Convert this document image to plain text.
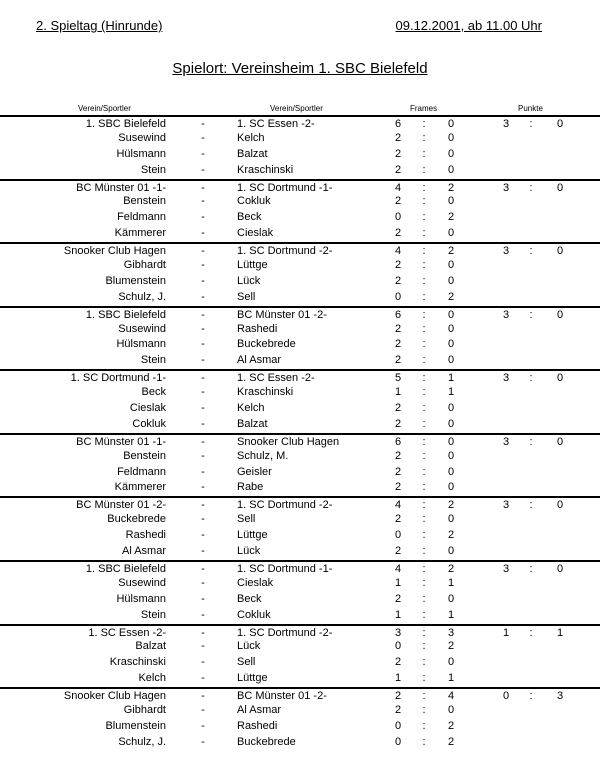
2. Spieltag (Hinrunde)	09.12.2001, ab 11.00 Uhr
Spielort: Vereinsheim 1. SBC Bielefeld
Verein/Sportler	Verein/Sportler	Frames	Punkte
1. SBC Bielefeld	-	1. SC Essen -2-	6	:	0	3	:	0
Susewind	-	Kelch	2	:	0
Hülsmann	-	Balzat	2	:	0
Stein	-	Kraschinski	2	:	0
BC Münster 01 -1-	-	1. SC Dortmund -1-	4	:	2	3	:	0
Benstein	-	Cokluk	2	:	0
Feldmann	-	Beck	0	:	2
Kämmerer	-	Cieslak	2	:	0
Snooker Club Hagen	-	1. SC Dortmund -2-	4	:	2	3	:	0
Gibhardt	-	Lüttge	2	:	0
Blumenstein	-	Lück	2	:	0
Schulz, J.	-	Sell	0	:	2
1. SBC Bielefeld	-	BC Münster 01 -2-	6	:	0	3	:	0
Susewind	-	Rashedi	2	:	0
Hülsmann	-	Buckebrede	2	:	0
Stein	-	Al Asmar	2	:	0
1. SC Dortmund -1-	-	1. SC Essen -2-	5	:	1	3	:	0
Beck	-	Kraschinski	1	:	1
Cieslak	-	Kelch	2	:	0
Cokluk	-	Balzat	2	:	0
BC Münster 01 -1-	-	Snooker Club Hagen	6	:	0	3	:	0
Benstein	-	Schulz, M.	2	:	0
Feldmann	-	Geisler	2	:	0
Kämmerer	-	Rabe	2	:	0
BC Münster 01 -2-	-	1. SC Dortmund -2-	4	:	2	3	:	0
Buckebrede	-	Sell	2	:	0
Rashedi	-	Lüttge	0	:	2
Al Asmar	-	Lück	2	:	0
1. SBC Bielefeld	-	1. SC Dortmund -1-	4	:	2	3	:	0
Susewind	-	Cieslak	1	:	1
Hülsmann	-	Beck	2	:	0
Stein	-	Cokluk	1	:	1
1. SC Essen -2-	-	1. SC Dortmund -2-	3	:	3	1	:	1
Balzat	-	Lück	0	:	2
Kraschinski	-	Sell	2	:	0
Kelch	-	Lüttge	1	:	1
Snooker Club Hagen	-	BC Münster 01 -2-	2	:	4	0	:	3
Gibhardt	-	Al Asmar	2	:	0
Blumenstein	-	Rashedi	0	:	2
Schulz, J.	-	Buckebrede	0	:	2
